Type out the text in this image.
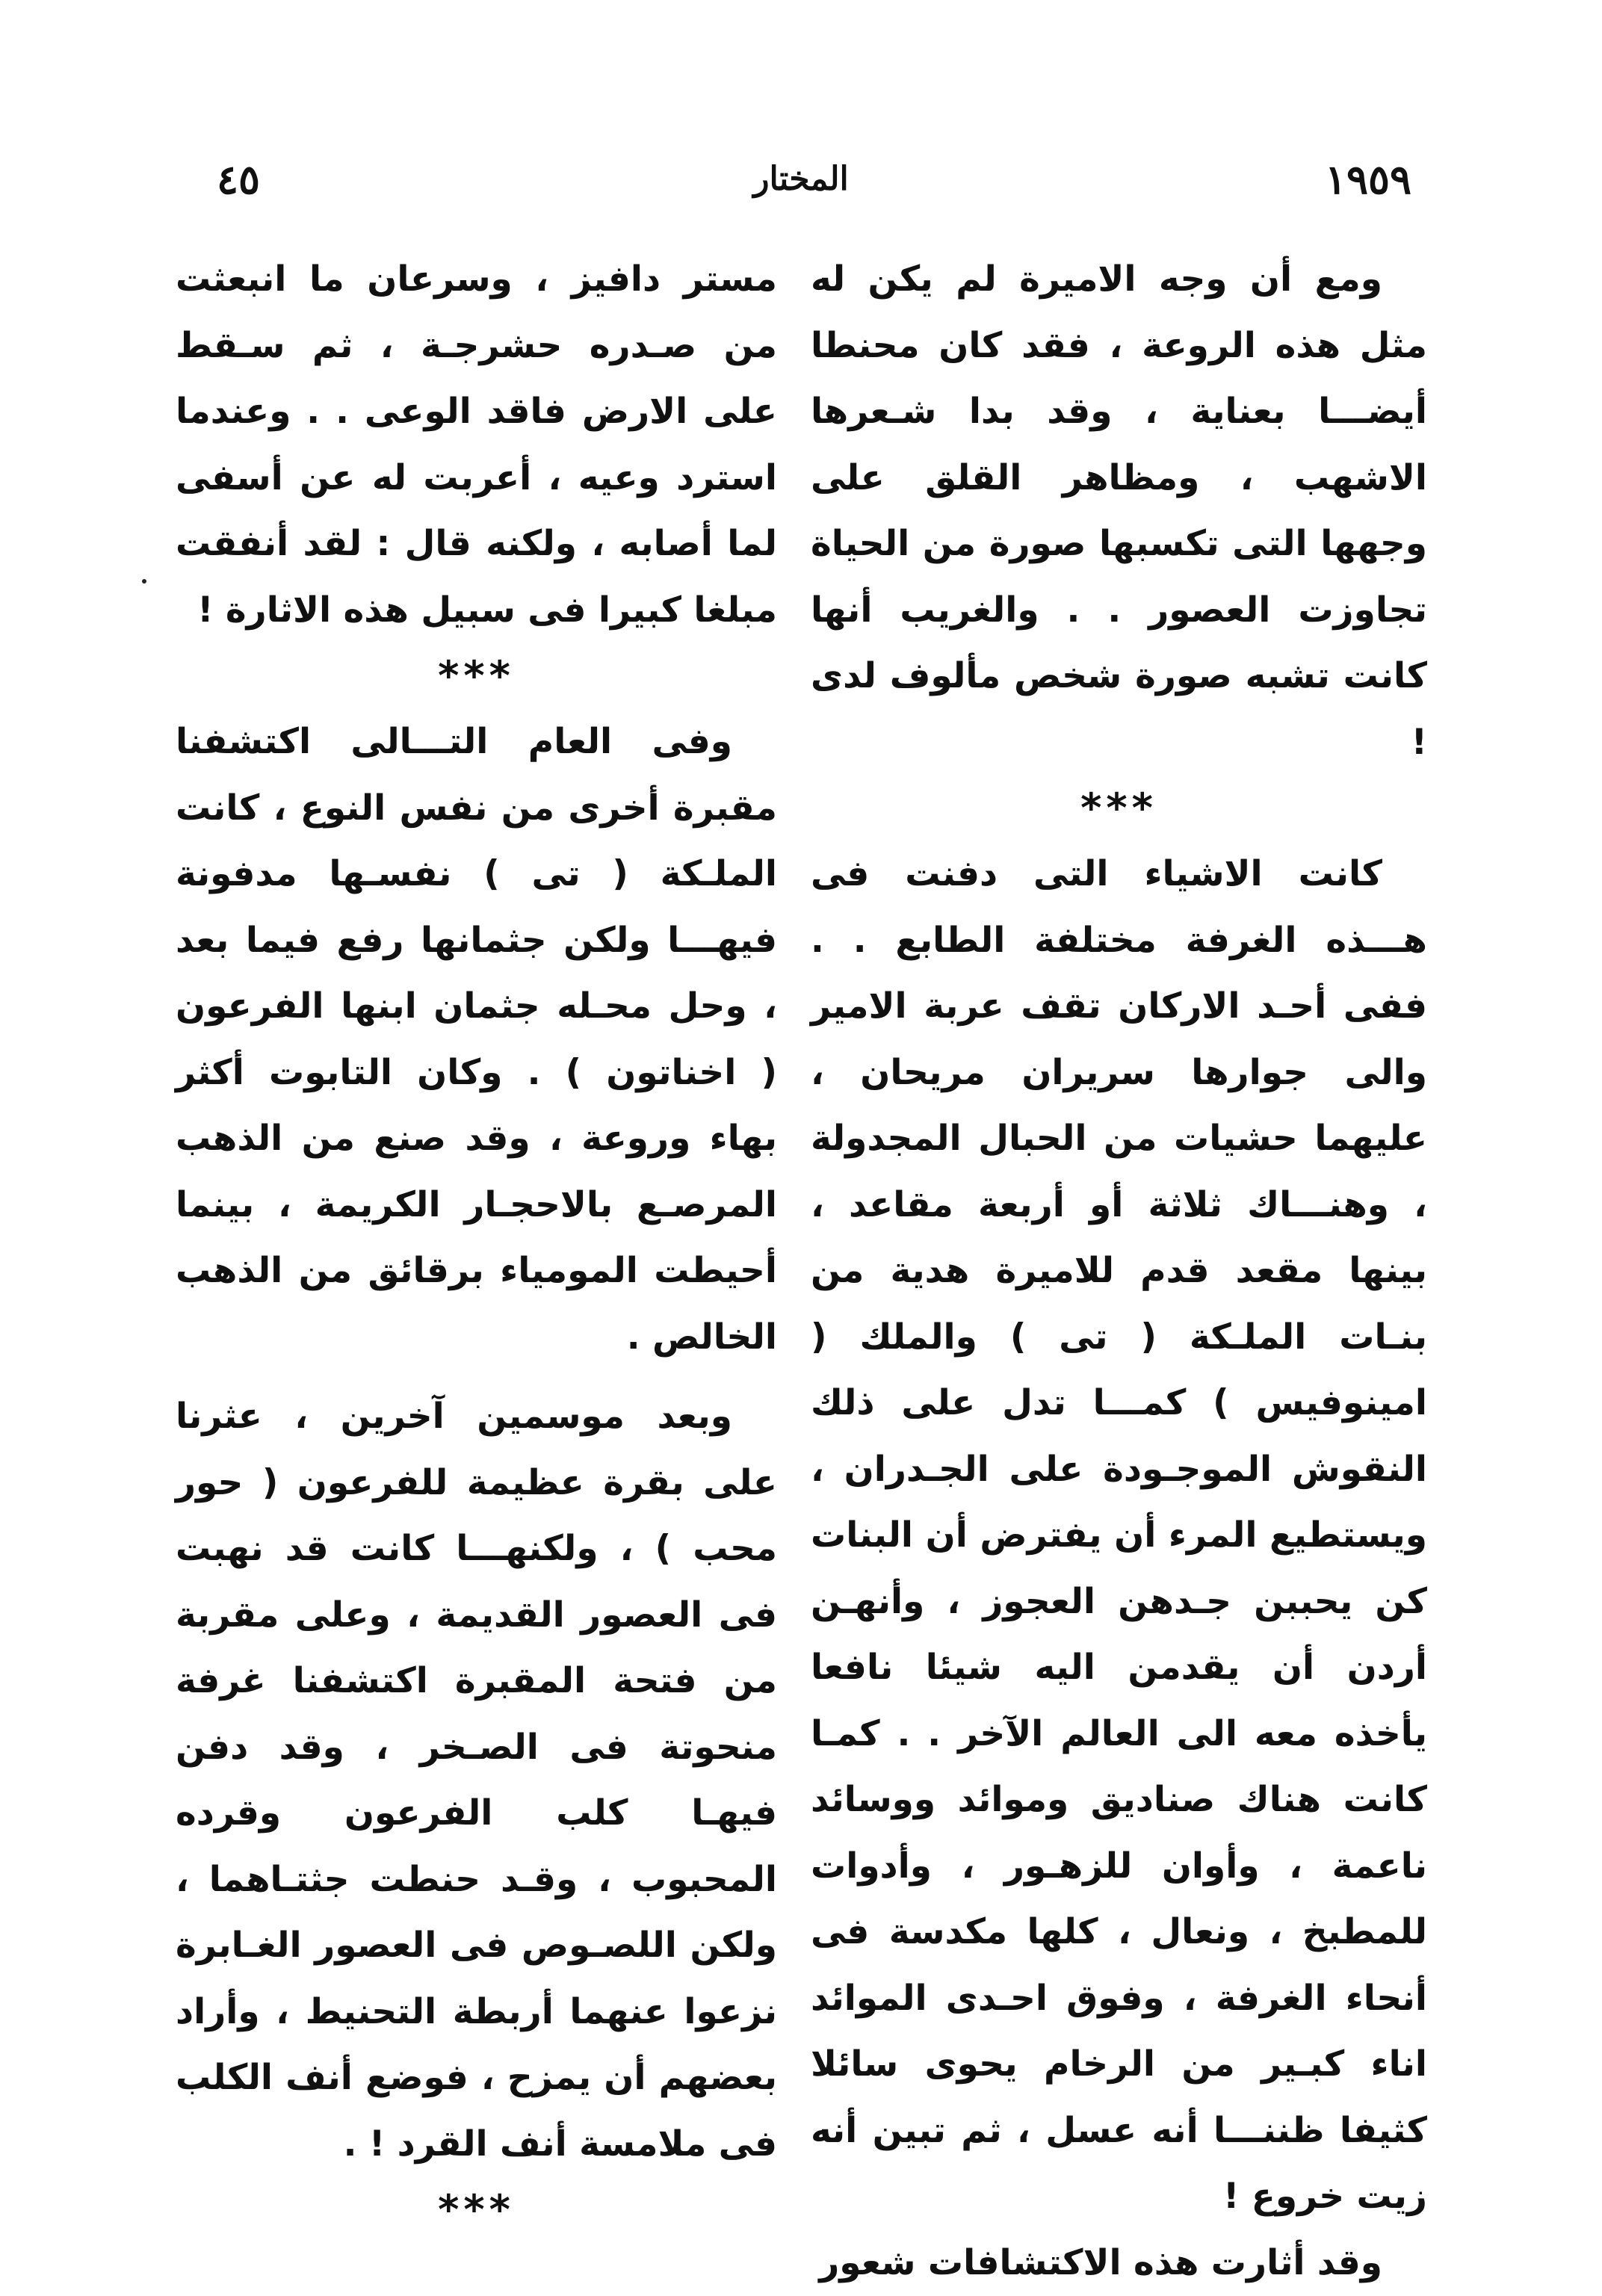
٤٥	المختار	١٩٥٩

ومع أن وجه الاميرة لم يكن له مثل هذه الروعة ، فقد كان محنطا أيضـــا بعناية ، وقد بدا شـعرها الاشهب ، ومظاهر القلق على وجهها التى تكسبها صورة من الحياة تجاوزت العصور . . والغريب أنها كانت تشبه صورة شخص مألوف لدى !

***

كانت الاشياء التى دفنت فى هـــذه الغرفة مختلفة الطابع . . ففى أحـد الاركان تقف عربة الامير والى جوارها سريران مريحان ، عليهما حشيات من الحبال المجدولة ، وهنـــاك ثلاثة أو أربعة مقاعد ، بينها مقعد قدم للاميرة هدية من بنـات الملـكة ( تى ) والملك ( امينوفيس ) كمـــا تدل على ذلك النقوش الموجـودة على الجـدران ، ويستطيع المرء أن يفترض أن البنات كن يحببن جـدهن العجوز ، وأنهـن أردن أن يقدمن اليه شيئا نافعا يأخذه معه الى العالم الآخر . . كمـا كانت هناك صناديق وموائد ووسائد ناعمة ، وأوان للزهـور ، وأدوات للمطبخ ، ونعال ، كلها مكدسة فى أنحاء الغرفة ، وفوق احـدى الموائد اناء كبـير من الرخام يحوى سائلا كثيفا ظننـــا أنه عسل ، ثم تبين أنه زيت خروع !

وقد أثارت هذه الاكتشافات شعور

مستر دافيز ، وسرعان ما انبعثت من صـدره حشرجـة ، ثم سـقط على الارض فاقد الوعى . . وعندما استرد وعيه ، أعربت له عن أسفى لما أصابه ، ولكنه قال : لقد أنفقت مبلغا كبيرا فى سبيل هذه الاثارة !

***

وفى العام التـــالى اكتشفنا مقبرة أخرى من نفس النوع ، كانت الملـكة ( تى ) نفسـها مدفونة فيهـــا ولكن جثمانها رفع فيما بعد ، وحل محـله جثمان ابنها الفرعون ( اخناتون ) . وكان التابوت أكثر بهاء وروعة ، وقد صنع من الذهب المرصـع بالاحجـار الكريمة ، بينما أحيطت المومياء برقائق من الذهب الخالص .

وبعد موسمين آخرين ، عثرنا على بقرة عظيمة للفرعون ( حور محب ) ، ولكنهـــا كانت قد نهبت فى العصور القديمة ، وعلى مقربة من فتحة المقبرة اكتشفنا غرفة منحوتة فى الصـخر ، وقد دفن فيهـا كلب الفرعون وقرده المحبوب ، وقـد حنطت جثتـاهما ، ولكن اللصـوص فى العصور الغـابرة نزعوا عنهما أربطة التحنيط ، وأراد بعضهم أن يمزح ، فوضع أنف الكلب فى ملامسة أنف القرد ! .

***
